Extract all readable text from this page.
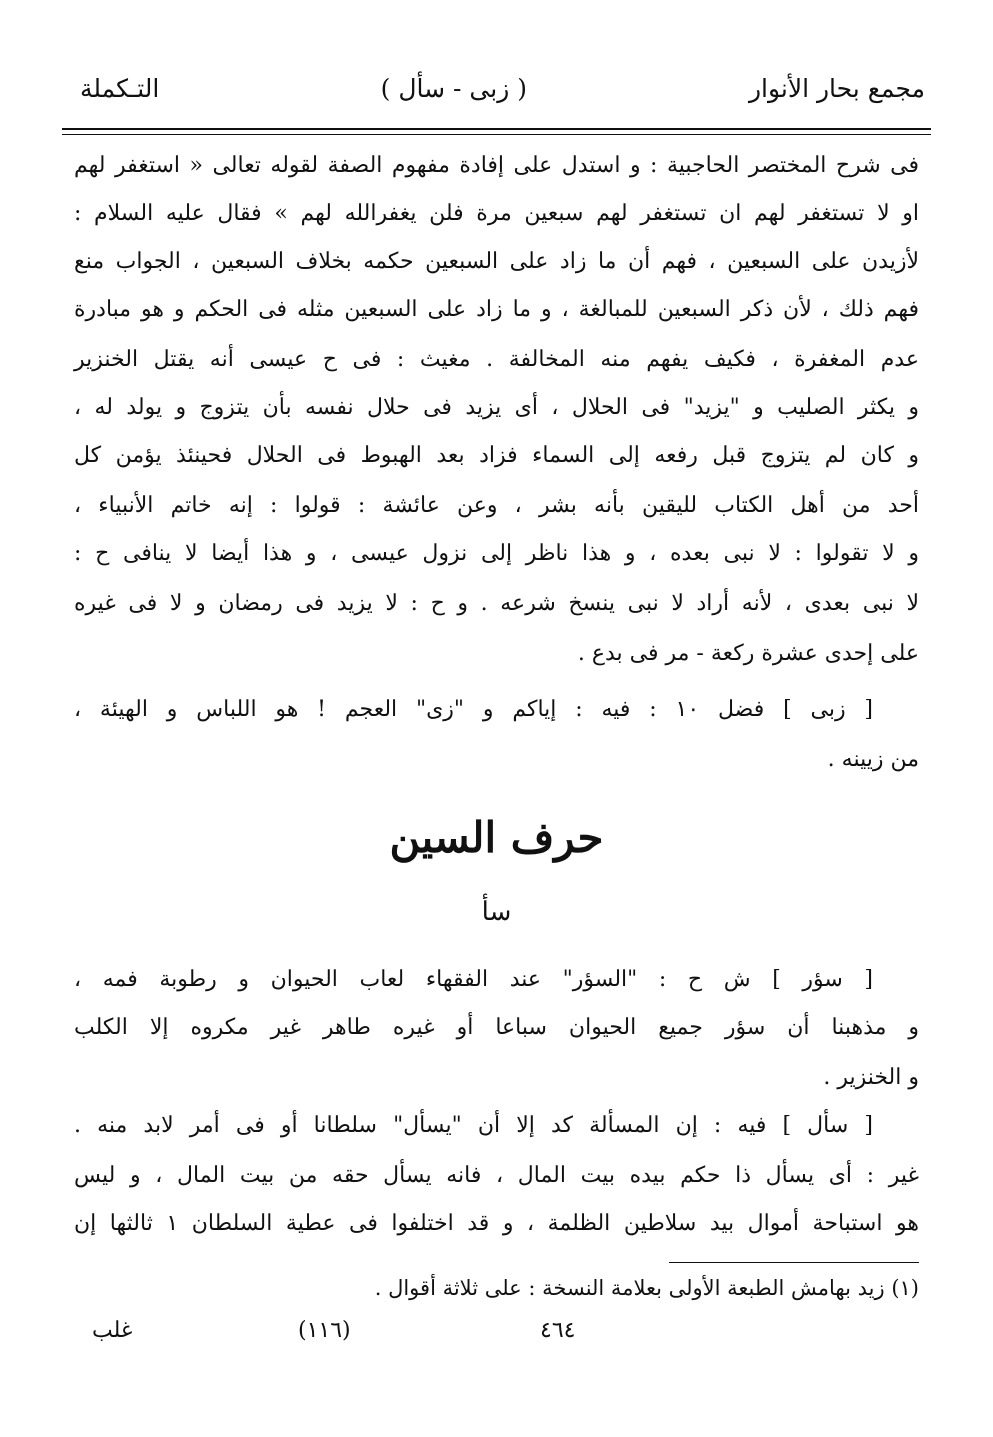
مجمع بحار الأنوار
( زبى - سأل )
التـكملة
فى شرح المختصر الحاجبية : و استدل على إفادة مفهوم الصفة لقوله تعالى « استغفر لهم
او لا تستغفر لهم ان تستغفر لهم سبعين مرة فلن يغفرالله لهم » فقال عليه السلام :
لأزيدن على السبعين ، فهم أن ما زاد على السبعين حكمه بخلاف السبعين ، الجواب منع
فهم ذلك ، لأن ذكر السبعين للمبالغة ، و ما زاد على السبعين مثله فى الحكم و هو مبادرة
عدم المغفرة ، فكيف يفهم منه المخالفة . مغيث : فى ح عيسى أنه يقتل الخنزير
و يكثر الصليب و "يزيد" فى الحلال ، أى يزيد فى حلال نفسه بأن يتزوج و يولد له ،
و كان لم يتزوج قبل رفعه إلى السماء فزاد بعد الهبوط فى الحلال فحينئذ يؤمن كل
أحد من أهل الكتاب لليقين بأنه بشر ، وعن عائشة : قولوا : إنه خاتم الأنبياء ،
و لا تقولوا : لا نبى بعده ، و هذا ناظر إلى نزول عيسى ، و هذا أيضا لا ينافى ح :
لا نبى بعدى ، لأنه أراد لا نبى ينسخ شرعه . و ح : لا يزيد فى رمضان و لا فى غيره
على إحدى عشرة ركعة - مر فى بدع .
[ زبى ] فضل ١٠ : فيه : إياكم و "زى" العجم ! هو اللباس و الهيئة ،
من زيينه .
حرف السين
سأ
[ سؤر ] ش ح : "السؤر" عند الفقهاء لعاب الحيوان و رطوبة فمه ،
و مذهبنا أن سؤر جميع الحيوان سباعا أو غيره طاهر غير مكروه إلا الكلب
و الخنزير .
[ سأل ] فيه : إن المسألة كد إلا أن "يسأل" سلطانا أو فى أمر لابد منه .
غير : أى يسأل ذا حكم بيده بيت المال ، فانه يسأل حقه من بيت المال ، و ليس
هو استباحة أموال بيد سلاطين الظلمة ، و قد اختلفوا فى عطية السلطان ١ ثالثها إن
(١) زيد بهامش الطبعة الأولى بعلامة النسخة : على ثلاثة أقوال .
غلب	(١١٦)	٤٦٤
